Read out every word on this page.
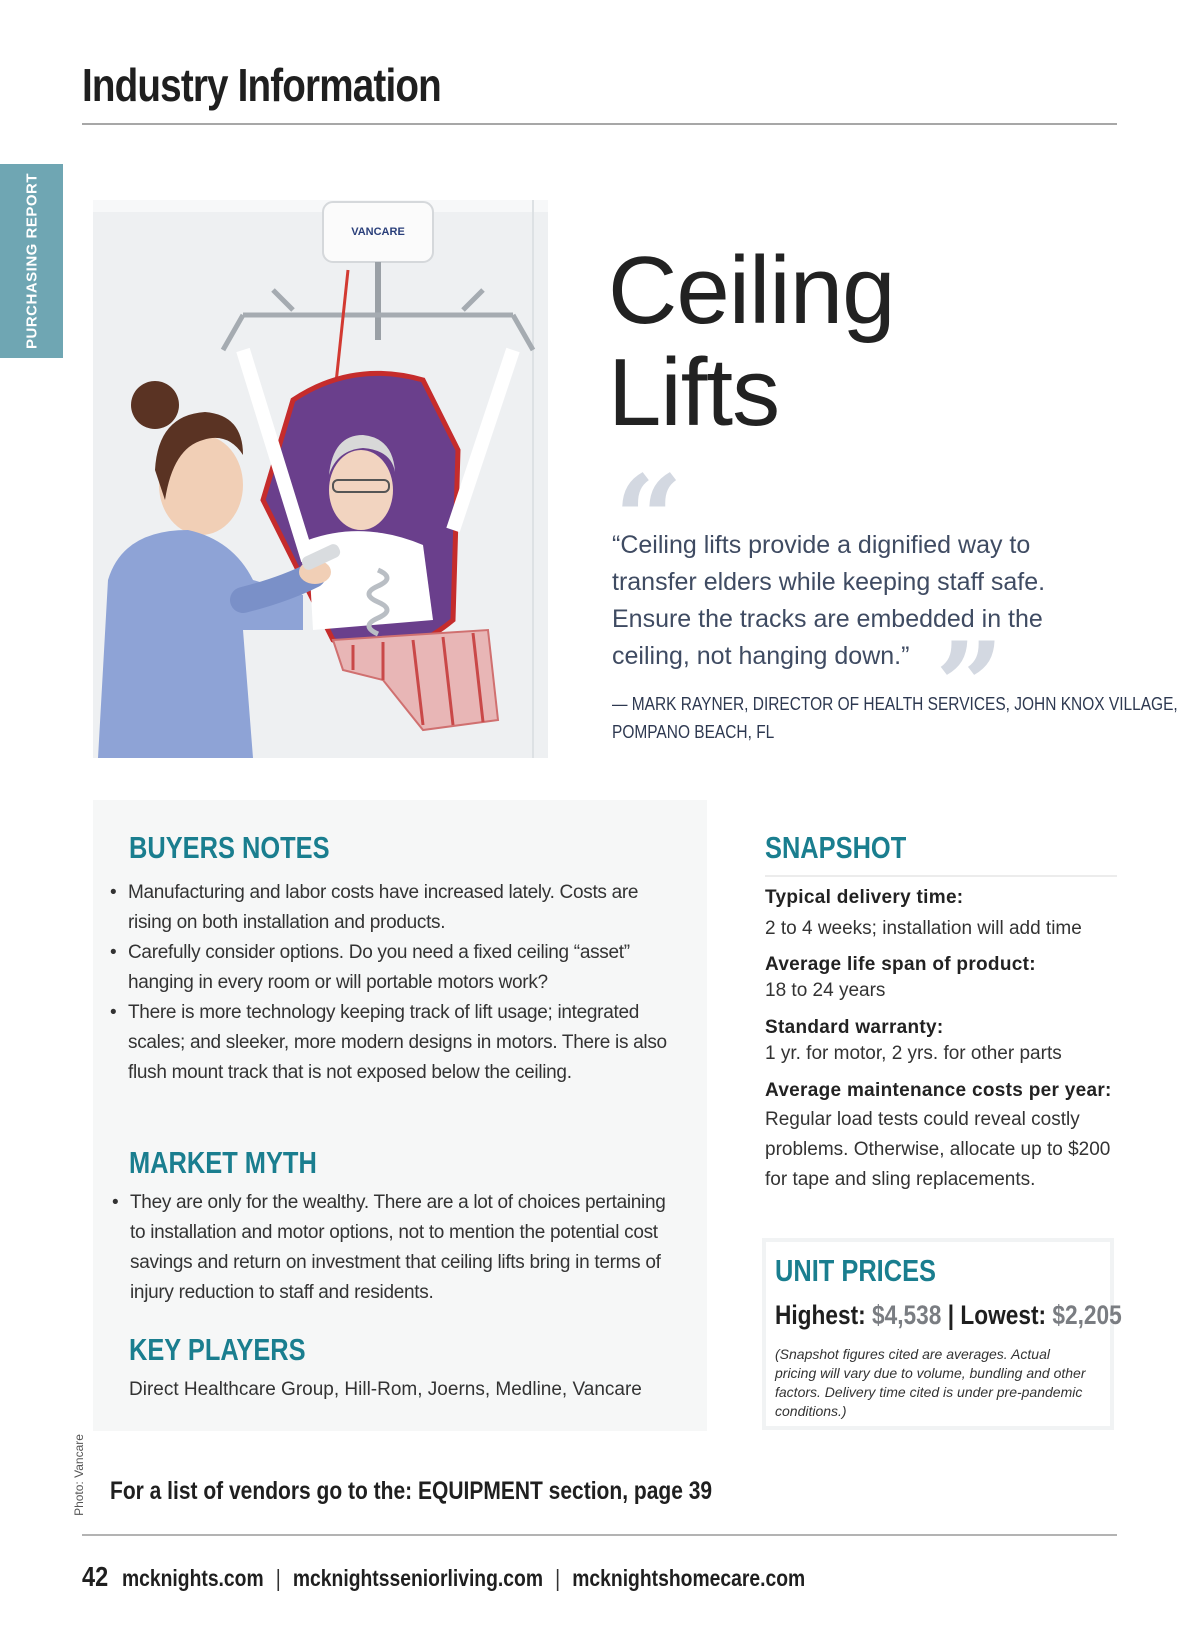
Industry Information
PURCHASING REPORT	VANCARE
Photo: Vancare
Ceiling
Lifts
“

“Ceiling lifts provide a dignified way to transfer elders while keeping staff safe. Ensure the tracks are embedded in the ceiling, not hanging down.” ”
— MARK RAYNER, DIRECTOR OF HEALTH SERVICES, JOHN KNOX VILLAGE,
POMPANO BEACH, FL
BUYERS NOTES
• Manufacturing and labor costs have increased lately. Costs are rising on both installation and products.
• Carefully consider options. Do you need a fixed ceiling “asset” hanging in every room or will portable motors work?
• There is more technology keeping track of lift usage; integrated scales; and sleeker, more modern designs in motors. There is also flush mount track that is not exposed below the ceiling.
MARKET MYTH
• They are only for the wealthy. There are a lot of choices pertaining to installation and motor options, not to mention the potential cost savings and return on investment that ceiling lifts bring in terms of injury reduction to staff and residents.
KEY PLAYERS
Direct Healthcare Group, Hill-Rom, Joerns, Medline, Vancare
SNAPSHOT
Typical delivery time:
2 to 4 weeks; installation will add time
Average life span of product:
18 to 24 years
Standard warranty:
1 yr. for motor, 2 yrs. for other parts
Average maintenance costs per year:
Regular load tests could reveal costly problems. Otherwise, allocate up to $200 for tape and sling replacements.
UNIT PRICES
Highest: $4,538 | Lowest: $2,205
(Snapshot figures cited are averages. Actual pricing will vary due to volume, bundling and other factors. Delivery time cited is under pre-pandemic conditions.)
For a list of vendors go to the: EQUIPMENT section, page 39
42 mcknights.com | mcknightsseniorliving.com | mcknightshomecare.com
